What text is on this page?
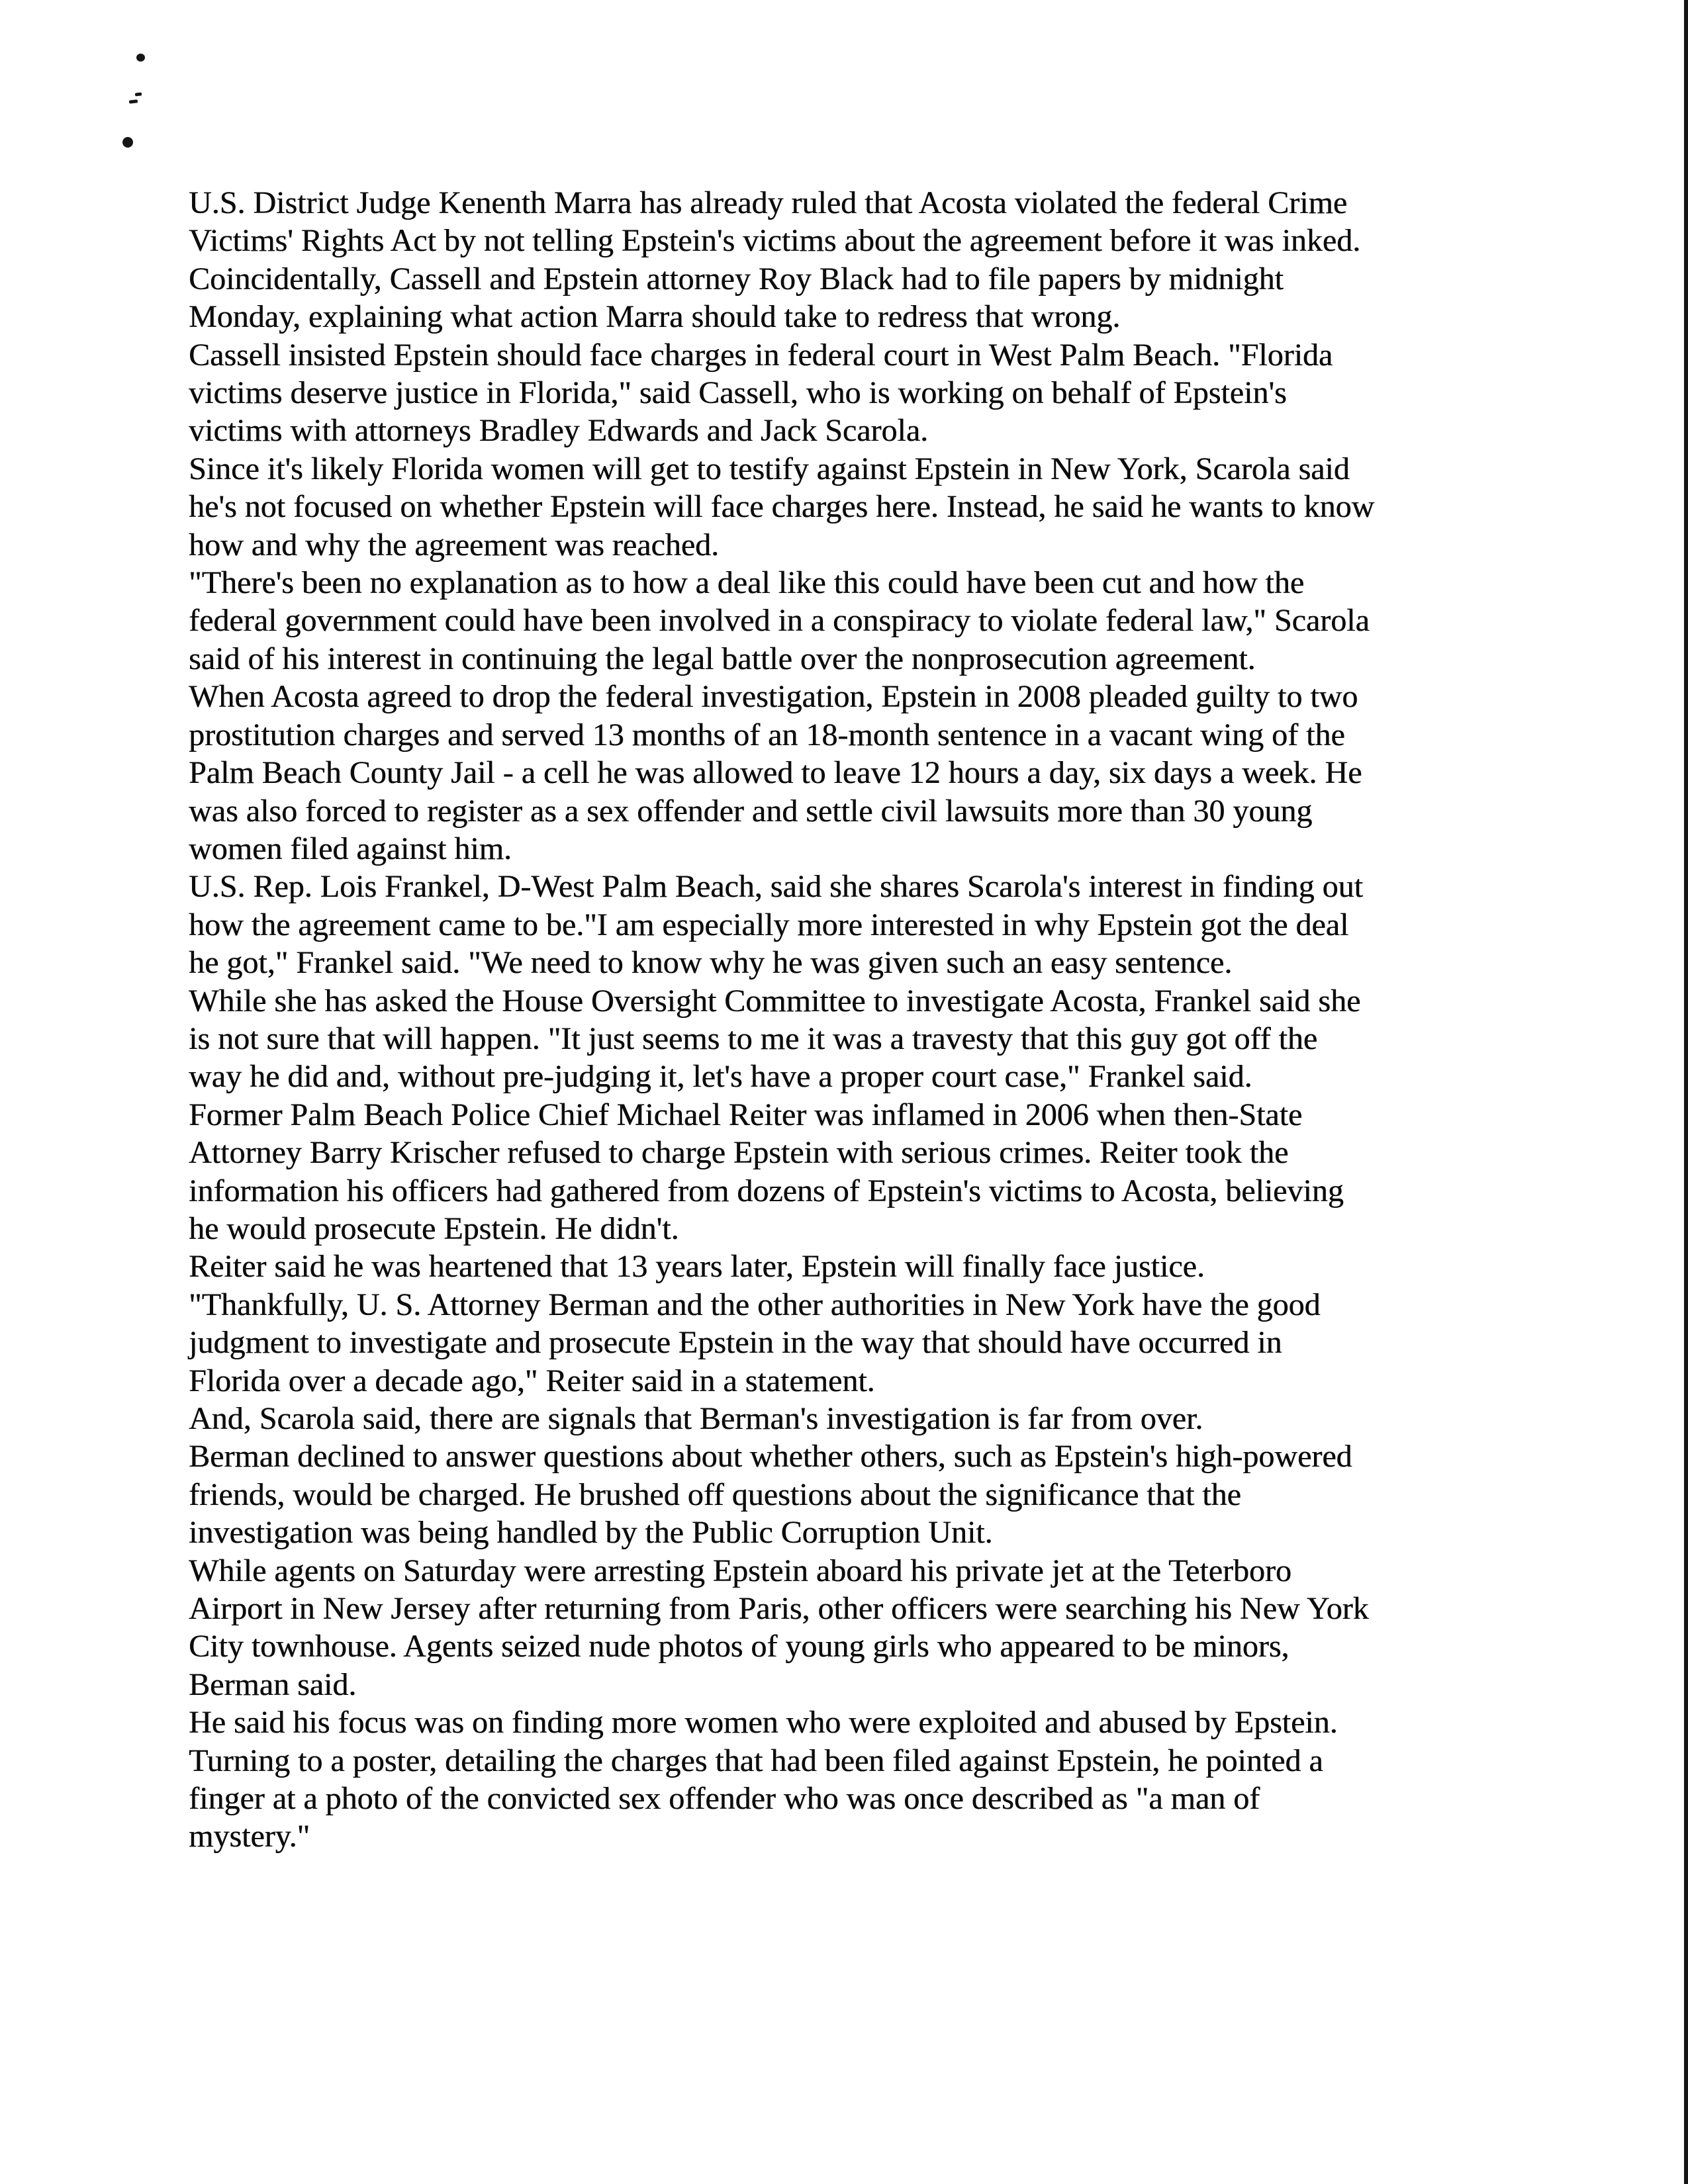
U.S. District Judge Kenenth Marra has already ruled that Acosta violated the federal Crime
Victims' Rights Act by not telling Epstein's victims about the agreement before it was inked.
Coincidentally, Cassell and Epstein attorney Roy Black had to file papers by midnight
Monday, explaining what action Marra should take to redress that wrong.
Cassell insisted Epstein should face charges in federal court in West Palm Beach. "Florida
victims deserve justice in Florida," said Cassell, who is working on behalf of Epstein's
victims with attorneys Bradley Edwards and Jack Scarola.
Since it's likely Florida women will get to testify against Epstein in New York, Scarola said
he's not focused on whether Epstein will face charges here. Instead, he said he wants to know
how and why the agreement was reached.
"There's been no explanation as to how a deal like this could have been cut and how the
federal government could have been involved in a conspiracy to violate federal law," Scarola
said of his interest in continuing the legal battle over the nonprosecution agreement.
When Acosta agreed to drop the federal investigation, Epstein in 2008 pleaded guilty to two
prostitution charges and served 13 months of an 18-month sentence in a vacant wing of the
Palm Beach County Jail - a cell he was allowed to leave 12 hours a day, six days a week. He
was also forced to register as a sex offender and settle civil lawsuits more than 30 young
women filed against him.
U.S. Rep. Lois Frankel, D-West Palm Beach, said she shares Scarola's interest in finding out
how the agreement came to be."I am especially more interested in why Epstein got the deal
he got," Frankel said. "We need to know why he was given such an easy sentence.
While she has asked the House Oversight Committee to investigate Acosta, Frankel said she
is not sure that will happen. "It just seems to me it was a travesty that this guy got off the
way he did and, without pre-judging it, let's have a proper court case," Frankel said.
Former Palm Beach Police Chief Michael Reiter was inflamed in 2006 when then-State
Attorney Barry Krischer refused to charge Epstein with serious crimes. Reiter took the
information his officers had gathered from dozens of Epstein's victims to Acosta, believing
he would prosecute Epstein. He didn't.
Reiter said he was heartened that 13 years later, Epstein will finally face justice.
"Thankfully, U. S. Attorney Berman and the other authorities in New York have the good
judgment to investigate and prosecute Epstein in the way that should have occurred in
Florida over a decade ago," Reiter said in a statement.
And, Scarola said, there are signals that Berman's investigation is far from over.
Berman declined to answer questions about whether others, such as Epstein's high-powered
friends, would be charged. He brushed off questions about the significance that the
investigation was being handled by the Public Corruption Unit.
While agents on Saturday were arresting Epstein aboard his private jet at the Teterboro
Airport in New Jersey after returning from Paris, other officers were searching his New York
City townhouse. Agents seized nude photos of young girls who appeared to be minors,
Berman said.
He said his focus was on finding more women who were exploited and abused by Epstein.
Turning to a poster, detailing the charges that had been filed against Epstein, he pointed a
finger at a photo of the convicted sex offender who was once described as "a man of
mystery."
